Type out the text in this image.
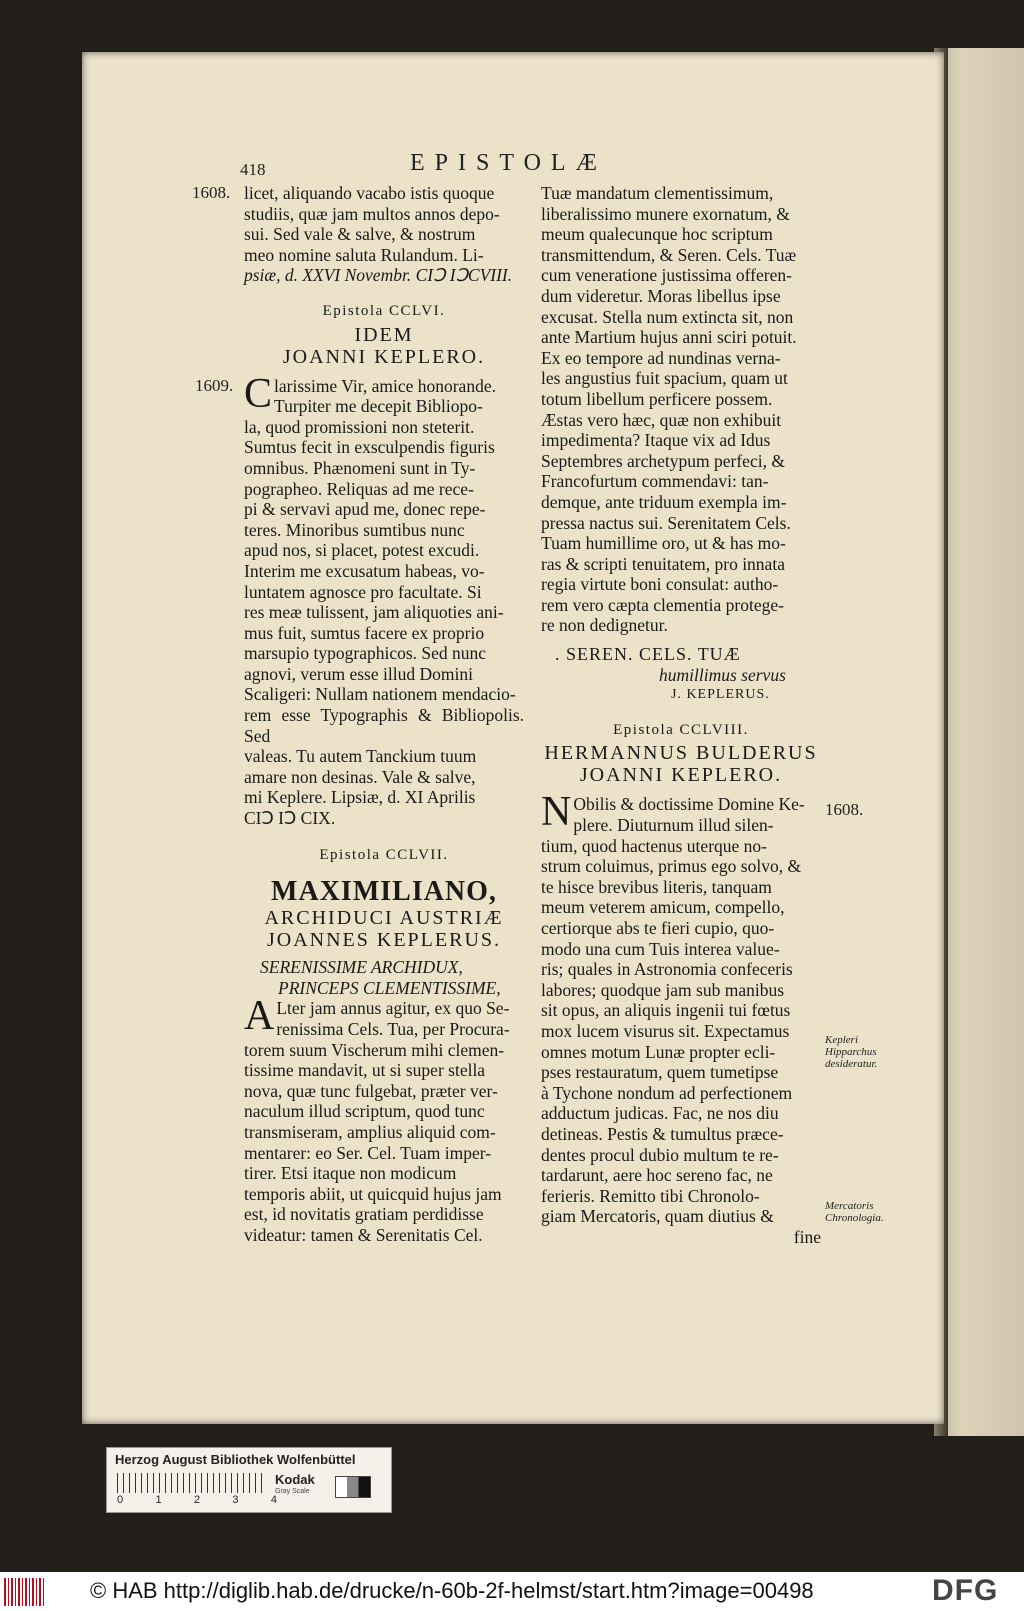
418	EPISTOLÆ
1608.
1609.
licet, aliquando vacabo istis quoque
studiis, quæ jam multos annos depo-
sui. Sed vale & salve, & nostrum
meo nomine saluta Rulandum. Li-

psiæ, d. XXVI Novembr. CIↃ IↃCVIII.

Epistola CCLVI.
IDEM
JOANNI KEPLERO.
C larissime Vir, amice honorande.
Turpiter me decepit Bibliopo-
la, quod promissioni non steterit.
Sumtus fecit in exsculpendis figuris
omnibus. Phænomeni sunt in Ty-
pographeo. Reliquas ad me rece-
pi & servavi apud me, donec repe-
teres. Minoribus sumtibus nunc
apud nos, si placet, potest excudi.
Interim me excusatum habeas, vo-
luntatem agnosce pro facultate. Si
res meæ tulissent, jam aliquoties ani-
mus fuit, sumtus facere ex proprio
marsupio typographicos. Sed nunc
agnovi, verum esse illud Domini
Scaligeri: Nullam nationem mendacio-
rem esse Typographis & Bibliopolis. Sed
valeas. Tu autem Tanckium tuum
amare non desinas. Vale & salve,
mi Keplere. Lipsiæ, d. XI Aprilis
CIↃ IↃ CIX.
Epistola CCLVII.
MAXIMILIANO,
ARCHIDUCI AUSTRIÆ
JOANNES KEPLERUS.
SERENISSIME ARCHIDUX,
PRINCEPS CLEMENTISSIME,
A Lter jam annus agitur, ex quo Se-
renissima Cels. Tua, per Procura-
torem suum Vischerum mihi clemen-
tissime mandavit, ut si super stella
nova, quæ tunc fulgebat, præter ver-
naculum illud scriptum, quod tunc
transmiseram, amplius aliquid com-
mentarer: eo Ser. Cel. Tuam imper-
tirer. Etsi itaque non modicum
temporis abiit, ut quicquid hujus jam
est, id novitatis gratiam perdidisse
videatur: tamen & Serenitatis Cel.
Tuæ mandatum clementissimum,
liberalissimo munere exornatum, &
meum qualecunque hoc scriptum
transmittendum, & Seren. Cels. Tuæ
cum veneratione justissima offeren-
dum videretur. Moras libellus ipse
excusat. Stella num extincta sit, non
ante Martium hujus anni sciri potuit.
Ex eo tempore ad nundinas verna-
les angustius fuit spacium, quam ut
totum libellum perficere possem.
Æstas vero hæc, quæ non exhibuit
impedimenta? Itaque vix ad Idus
Septembres archetypum perfeci, &
Francofurtum commendavi: tan-
demque, ante triduum exempla im-
pressa nactus sui. Serenitatem Cels.
Tuam humillime oro, ut & has mo-
ras & scripti tenuitatem, pro innata
regia virtute boni consulat: autho-
rem vero cæpta clementia protege-
re non dedignetur.
. SEREN. CELS. TUÆ
humillimus servus
J. KEPLERUS.
Epistola CCLVIII.
HERMANNUS BULDERUS
JOANNI KEPLERO.
N Obilis & doctissime Domine Ke-
plere. Diuturnum illud silen-
tium, quod hactenus uterque no-
strum coluimus, primus ego solvo, &
te hisce brevibus literis, tanquam
meum veterem amicum, compello,
certiorque abs te fieri cupio, quo-
modo una cum Tuis interea value-
ris; quales in Astronomia confeceris
labores; quodque jam sub manibus
sit opus, an aliquis ingenii tui fœtus
mox lucem visurus sit. Expectamus
omnes motum Lunæ propter ecli-
pses restauratum, quem tumetipse
à Tychone nondum ad perfectionem
adductum judicas. Fac, ne nos diu
detineas. Pestis & tumultus præce-
dentes procul dubio multum te re-
tardarunt, aere hoc sereno fac, ne
ferieris. Remitto tibi Chronolo-
giam Mercatoris, quam diutius &
fine
1608.
Kepleri Hipparchus desideratur.
Mercatoris Chronologia.
Herzog August Bibliothek Wolfenbüttel
0	1	2	3	4
Kodak
Gray Scale
© HAB http://diglib.hab.de/drucke/n-60b-2f-helmst/start.htm?image=00498	DFG
